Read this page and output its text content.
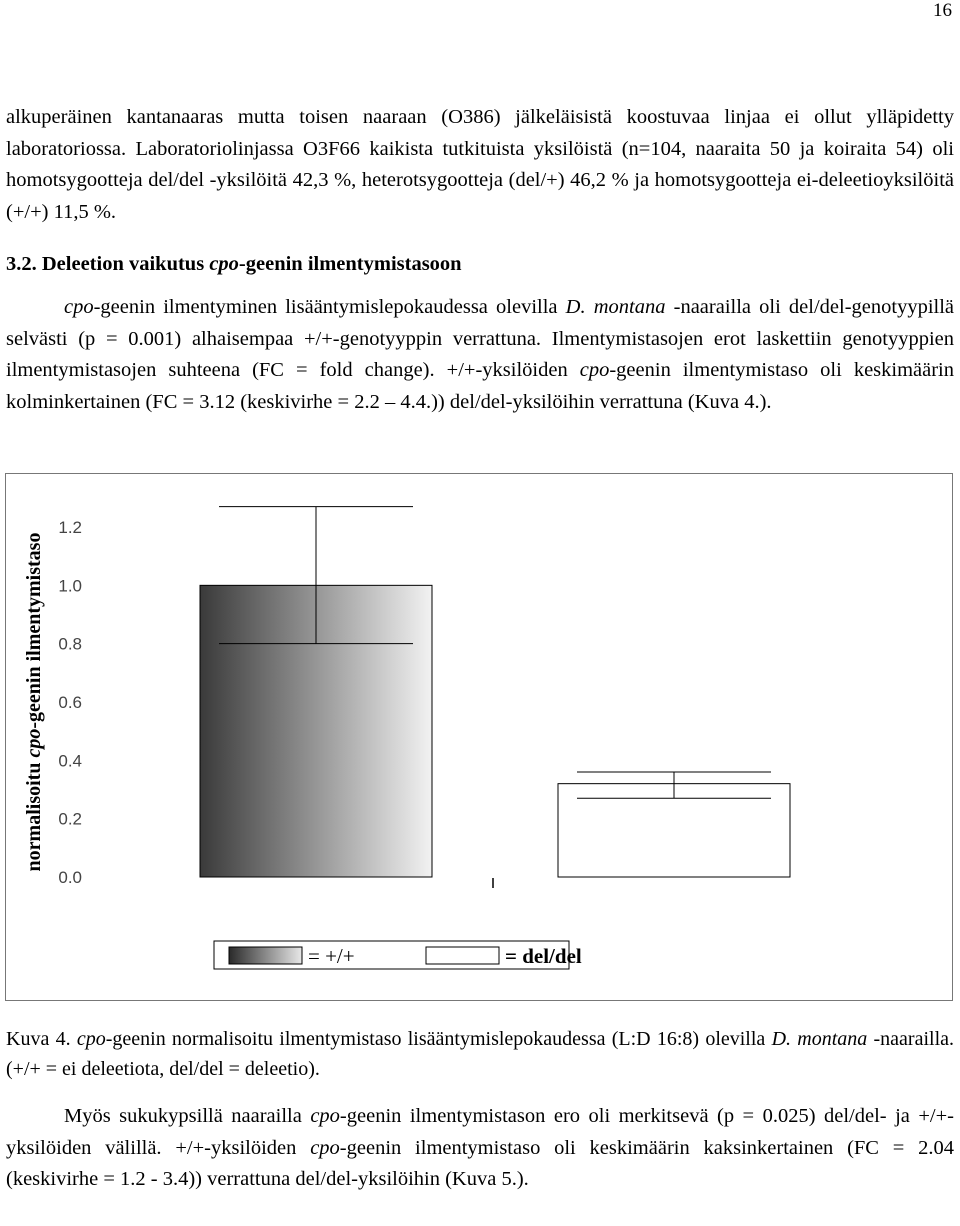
16

alkuperäinen kantanaaras mutta toisen naaraan (O386) jälkeläisistä koostuvaa linjaa ei ollut ylläpidetty laboratoriossa. Laboratoriolinjassa O3F66 kaikista tutkituista yksilöistä (n=104, naaraita 50 ja koiraita 54) oli homotsygootteja del/del -yksilöitä 42,3 %, heterotsygootteja (del/+) 46,2 % ja homotsygootteja ei-deleetioyksilöitä (+/+) 11,5 %.

3.2. Deleetion vaikutus cpo-geenin ilmentymistasoon

cpo-geenin ilmentyminen lisääntymislepokaudessa olevilla D. montana -naarailla oli del/del-genotyypillä selvästi (p = 0.001) alhaisempaa +/+-genotyyppin verrattuna. Ilmentymistasojen erot laskettiin genotyyppien ilmentymistasojen suhteena (FC = fold change). +/+-yksilöiden cpo-geenin ilmentymistaso oli keskimäärin kolminkertainen (FC = 3.12 (keskivirhe = 2.2 – 4.4.)) del/del-yksilöihin verrattuna (Kuva 4.).

normalisoitu cpo-geenin ilmentymistaso
0.0
0.2
0.4
0.6
0.8
1.0
1.2
= +/+	= del/del

Kuva 4. cpo-geenin normalisoitu ilmentymistaso lisääntymislepokaudessa (L:D 16:8) olevilla D. montana -naarailla. (+/+ = ei deleetiota, del/del = deleetio).

Myös sukukypsillä naarailla cpo-geenin ilmentymistason ero oli merkitsevä (p = 0.025) del/del- ja +/+-yksilöiden välillä. +/+-yksilöiden cpo-geenin ilmentymistaso oli keskimäärin kaksinkertainen (FC = 2.04 (keskivirhe = 1.2 - 3.4)) verrattuna del/del-yksilöihin (Kuva 5.).
